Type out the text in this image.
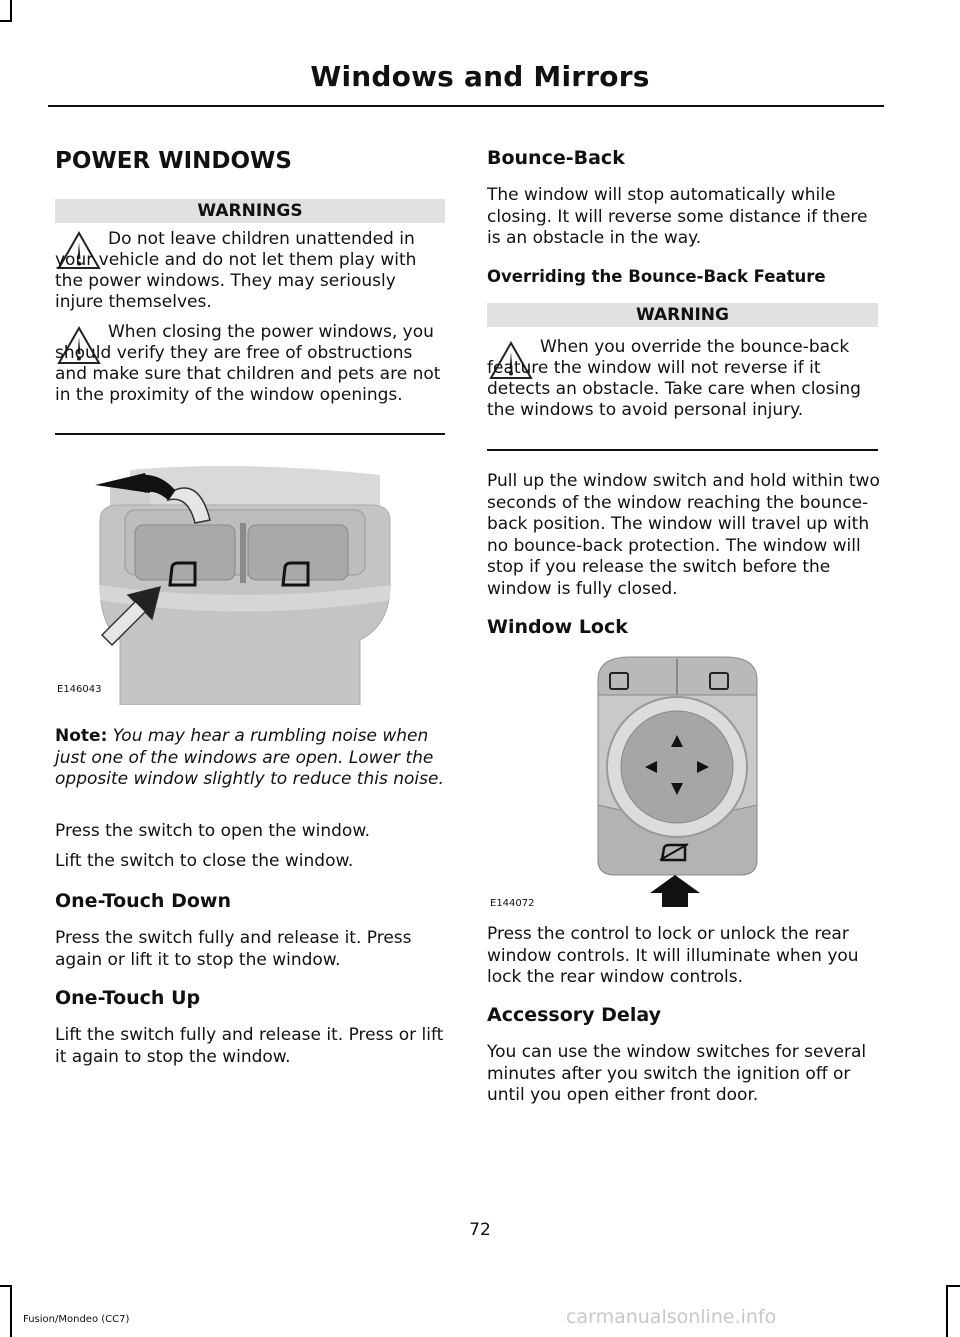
Windows and Mirrors
POWER WINDOWS
WARNINGS

Do not leave children unattended in your vehicle and do not let them play with the power windows. They may seriously injure themselves.

When closing the power windows, you should verify they are free of obstructions and make sure that children and pets are not in the proximity of the window openings.

E146043

Note: You may hear a rumbling noise when just one of the windows are open. Lower the opposite window slightly to reduce this noise.

Press the switch to open the window.

Lift the switch to close the window.

One-Touch Down

Press the switch fully and release it. Press again or lift it to stop the window.

One-Touch Up

Lift the switch fully and release it. Press or lift it again to stop the window.

Bounce-Back

The window will stop automatically while closing. It will reverse some distance if there is an obstacle in the way.

Overriding the Bounce-Back Feature
WARNING

When you override the bounce-back feature the window will not reverse if it detects an obstacle. Take care when closing the windows to avoid personal injury.

Pull up the window switch and hold within two seconds of the window reaching the bounce-back position. The window will travel up with no bounce-back protection. The window will stop if you release the switch before the window is fully closed.

Window Lock
E144072

Press the control to lock or unlock the rear window controls. It will illuminate when you lock the rear window controls.

Accessory Delay

You can use the window switches for several minutes after you switch the ignition off or until you open either front door.

72
Fusion/Mondeo (CC7)	carmanualsonline.info
